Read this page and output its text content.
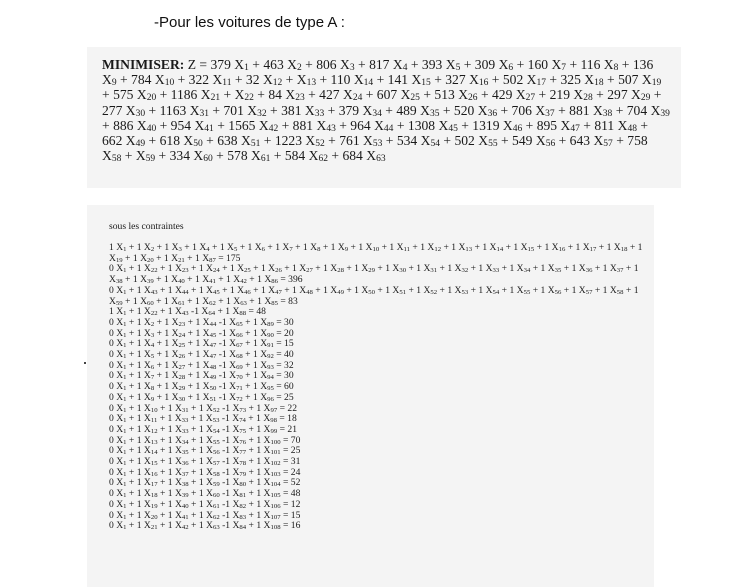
-Pour les voitures de type A :
MINIMISER: Z = 379 $X_1 + 463$ $X_2 + 806$ $X_3 + 817$ $X_4 + 393$ $X_5 + 309$ $X_6 + 160$ $X_7 + 116$ $X_8 + 136$ $X_9 + 784$ $X_{10} + 322$ $X_{11} + 32$ $X_{12} + X_{13} + 110$ $X_{14} + 141$ $X_{15} + 327$ $X_{16} + 502$ $X_{17} + 325$ $X_{18} + 507$ $X_{19} + 575$ $X_{20} + 1186$ $X_{21} + X_{22} + 84$ $X_{23} + 427$ $X_{24} + 607$ $X_{25} + 513$ $X_{26} + 429$ $X_{27} + 219$ $X_{28} + 297$ $X_{29} + 277$ $X_{30} + 1163$ $X_{31} + 701$ $X_{32} + 381$ $X_{33} + 379$ $X_{34} + 489$ $X_{35} + 520$ $X_{36} + 706$ $X_{37} + 881$ $X_{38} + 704$ $X_{39} + 886$ $X_{40} + 954$ $X_{41} + 1565$ $X_{42} + 881$ $X_{43} + 964$ $X_{44} + 1308$ $X_{45} + 1319$ $X_{46} + 895$ $X_{47} + 811$ $X_{48} + 662$ $X_{49} + 618$ $X_{50} + 638$ $X_{51} + 1223$ $X_{52} + 761$ $X_{53} + 534$ $X_{54} + 502$ $X_{55} + 549$ $X_{56} + 643$ $X_{57} + 758$ $X_{58} + X_{59} + 334$ $X_{60} + 578$ $X_{61} + 584$ $X_{62} + 684$ $X_{63}$
sous les contraintes
1 $X_1 + 1$ $X_2 + 1$ $X_3 + 1$ $X_4 + 1$ $X_5 + 1$ $X_6 + 1$ $X_7 + 1$ $X_8 + 1$ $X_9 + 1$ $X_{10} + 1$ $X_{11} + 1$ $X_{12} + 1$ $X_{13} + 1$ $X_{14} + 1$ $X_{15} + 1$ $X_{16} + 1$ $X_{17} + 1$ $X_{18} + 1$ $X_{19} + 1$ $X_{20} + 1$ $X_{21} + 1$ $X_{87} = 175$
0 $X_1 + 1$ $X_{22} + 1$ $X_{23} + 1$ $X_{24} + 1$ $X_{25} + 1$ $X_{26} + 1$ $X_{27} + 1$ $X_{28} + 1$ $X_{29} + 1$ $X_{30} + 1$ $X_{31} + 1$ $X_{32} + 1$ $X_{33} + 1$ $X_{34} + 1$ $X_{35} + 1$ $X_{36} + 1$ $X_{37} + 1$ $X_{38} + 1$ $X_{39} + 1$ $X_{40} + 1$ $X_{41} + 1$ $X_{42} + 1$ $X_{86} = 396$
0 $X_1 + 1$ $X_{43} + 1$ $X_{44} + 1$ $X_{45} + 1$ $X_{46} + 1$ $X_{47} + 1$ $X_{48} + 1$ $X_{49} + 1$ $X_{50} + 1$ $X_{51} + 1$ $X_{52} + 1$ $X_{53} + 1$ $X_{54} + 1$ $X_{55} + 1$ $X_{56} + 1$ $X_{57} + 1$ $X_{58} + 1$ $X_{59} + 1$ $X_{60} + 1$ $X_{61} + 1$ $X_{62} + 1$ $X_{63} + 1$ $X_{85} = 83$
1 $X_1 + 1$ $X_{22} + 1$ $X_{43}$ -1 $X_{64} + 1$ $X_{88} = 48$
0 $X_1 + 1$ $X_2 + 1$ $X_{23} + 1$ $X_{44}$ -1 $X_{65} + 1$ $X_{89} = 30$
0 $X_1 + 1$ $X_3 + 1$ $X_{24} + 1$ $X_{45}$ -1 $X_{66} + 1$ $X_{90} = 20$
0 $X_1 + 1$ $X_4 + 1$ $X_{25} + 1$ $X_{47}$ -1 $X_{67} + 1$ $X_{91} = 15$
0 $X_1 + 1$ $X_5 + 1$ $X_{26} + 1$ $X_{47}$ -1 $X_{68} + 1$ $X_{92} = 40$
0 $X_1 + 1$ $X_6 + 1$ $X_{27} + 1$ $X_{48}$ -1 $X_{69} + 1$ $X_{93} = 32$
0 $X_1 + 1$ $X_7 + 1$ $X_{28} + 1$ $X_{49}$ -1 $X_{70} + 1$ $X_{94} = 30$
0 $X_1 + 1$ $X_8 + 1$ $X_{29} + 1$ $X_{50}$ -1 $X_{71} + 1$ $X_{95} = 60$
0 $X_1 + 1$ $X_9 + 1$ $X_{30} + 1$ $X_{51}$ -1 $X_{72} + 1$ $X_{96} = 25$
0 $X_1 + 1$ $X_{10} + 1$ $X_{31} + 1$ $X_{52}$ -1 $X_{73} + 1$ $X_{97} = 22$
0 $X_1 + 1$ $X_{11} + 1$ $X_{33} + 1$ $X_{53}$ -1 $X_{74} + 1$ $X_{98} = 18$
0 $X_1 + 1$ $X_{12} + 1$ $X_{33} + 1$ $X_{54}$ -1 $X_{75} + 1$ $X_{99} = 21$
0 $X_1 + 1$ $X_{13} + 1$ $X_{34} + 1$ $X_{55}$ -1 $X_{76} + 1$ $X_{100} = 70$
0 $X_1 + 1$ $X_{14} + 1$ $X_{35} + 1$ $X_{56}$ -1 $X_{77} + 1$ $X_{101} = 25$
0 $X_1 + 1$ $X_{15} + 1$ $X_{36} + 1$ $X_{57}$ -1 $X_{78} + 1$ $X_{102} = 31$
0 $X_1 + 1$ $X_{16} + 1$ $X_{37} + 1$ $X_{58}$ -1 $X_{79} + 1$ $X_{103} = 24$
0 $X_1 + 1$ $X_{17} + 1$ $X_{38} + 1$ $X_{59}$ -1 $X_{80} + 1$ $X_{104} = 52$
0 $X_1 + 1$ $X_{18} + 1$ $X_{39} + 1$ $X_{60}$ -1 $X_{81} + 1$ $X_{105} = 48$
0 $X_1 + 1$ $X_{19} + 1$ $X_{40} + 1$ $X_{61}$ -1 $X_{82} + 1$ $X_{106} = 12$
0 $X_1 + 1$ $X_{20} + 1$ $X_{41} + 1$ $X_{62}$ -1 $X_{83} + 1$ $X_{107} = 15$
0 $X_1 + 1$ $X_{21} + 1$ $X_{42} + 1$ $X_{63}$ -1 $X_{84} + 1$ $X_{108} = 16$
